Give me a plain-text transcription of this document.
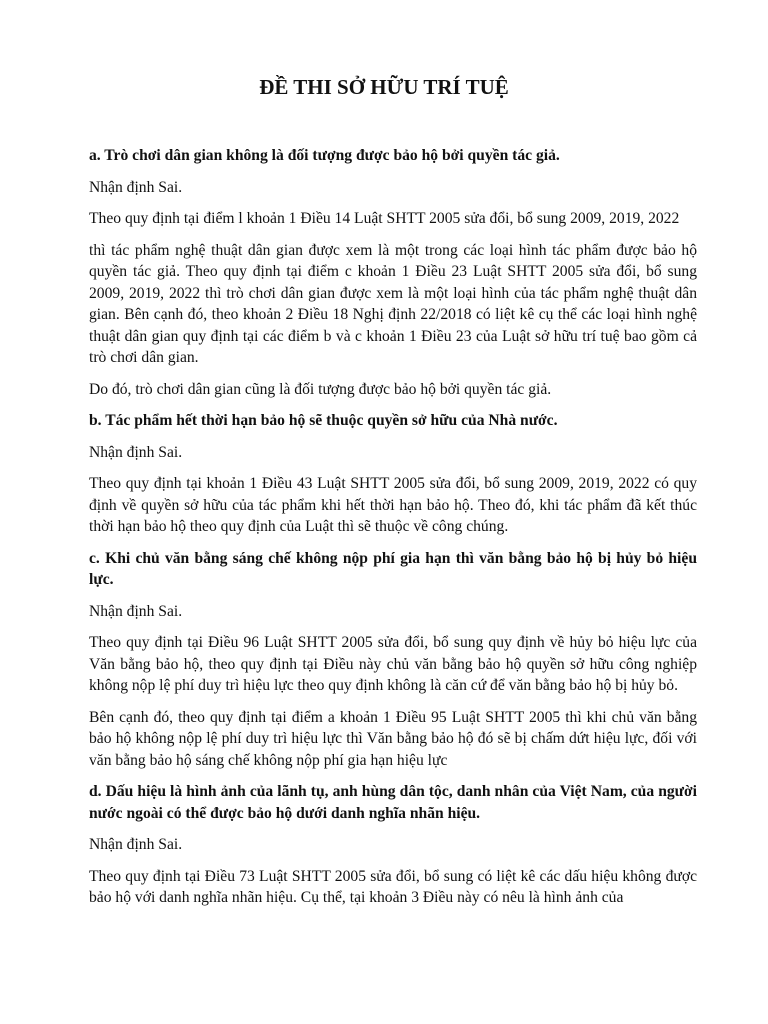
ĐỀ THI SỞ HỮU TRÍ TUỆ

a. Trò chơi dân gian không là đối tượng được bảo hộ bởi quyền tác giả.

Nhận định Sai.

Theo quy định tại điểm l khoản 1 Điều 14 Luật SHTT 2005 sửa đổi, bổ sung 2009, 2019, 2022

thì tác phẩm nghệ thuật dân gian được xem là một trong các loại hình tác phẩm được bảo hộ quyền tác giả. Theo quy định tại điểm c khoản 1 Điều 23 Luật SHTT 2005 sửa đổi, bổ sung 2009, 2019, 2022 thì trò chơi dân gian được xem là một loại hình của tác phẩm nghệ thuật dân gian. Bên cạnh đó, theo khoản 2 Điều 18 Nghị định 22/2018 có liệt kê cụ thể các loại hình nghệ thuật dân gian quy định tại các điểm b và c khoản 1 Điều 23 của Luật sở hữu trí tuệ bao gồm cả trò chơi dân gian.

Do đó, trò chơi dân gian cũng là đối tượng được bảo hộ bởi quyền tác giả.

b. Tác phẩm hết thời hạn bảo hộ sẽ thuộc quyền sở hữu của Nhà nước.

Nhận định Sai.

Theo quy định tại khoản 1 Điều 43 Luật SHTT 2005 sửa đổi, bổ sung 2009, 2019, 2022 có quy định về quyền sở hữu của tác phẩm khi hết thời hạn bảo hộ. Theo đó, khi tác phẩm đã kết thúc thời hạn bảo hộ theo quy định của Luật thì sẽ thuộc về công chúng.

c. Khi chủ văn bằng sáng chế không nộp phí gia hạn thì văn bằng bảo hộ bị hủy bỏ hiệu lực.

Nhận định Sai.

Theo quy định tại Điều 96 Luật SHTT 2005 sửa đổi, bổ sung quy định về hủy bỏ hiệu lực của Văn bằng bảo hộ, theo quy định tại Điều này chủ văn bằng bảo hộ quyền sở hữu công nghiệp không nộp lệ phí duy trì hiệu lực theo quy định không là căn cứ để văn bằng bảo hộ bị hủy bỏ.

Bên cạnh đó, theo quy định tại điểm a khoản 1 Điều 95 Luật SHTT 2005 thì khi chủ văn bằng bảo hộ không nộp lệ phí duy trì hiệu lực thì Văn bằng bảo hộ đó sẽ bị chấm dứt hiệu lực, đối với văn bằng bảo hộ sáng chế không nộp phí gia hạn hiệu lực

d. Dấu hiệu là hình ảnh của lãnh tụ, anh hùng dân tộc, danh nhân của Việt Nam, của người nước ngoài có thể được bảo hộ dưới danh nghĩa nhãn hiệu.

Nhận định Sai.

Theo quy định tại Điều 73 Luật SHTT 2005 sửa đổi, bổ sung có liệt kê các dấu hiệu không được bảo hộ với danh nghĩa nhãn hiệu. Cụ thể, tại khoản 3 Điều này có nêu là hình ảnh của
